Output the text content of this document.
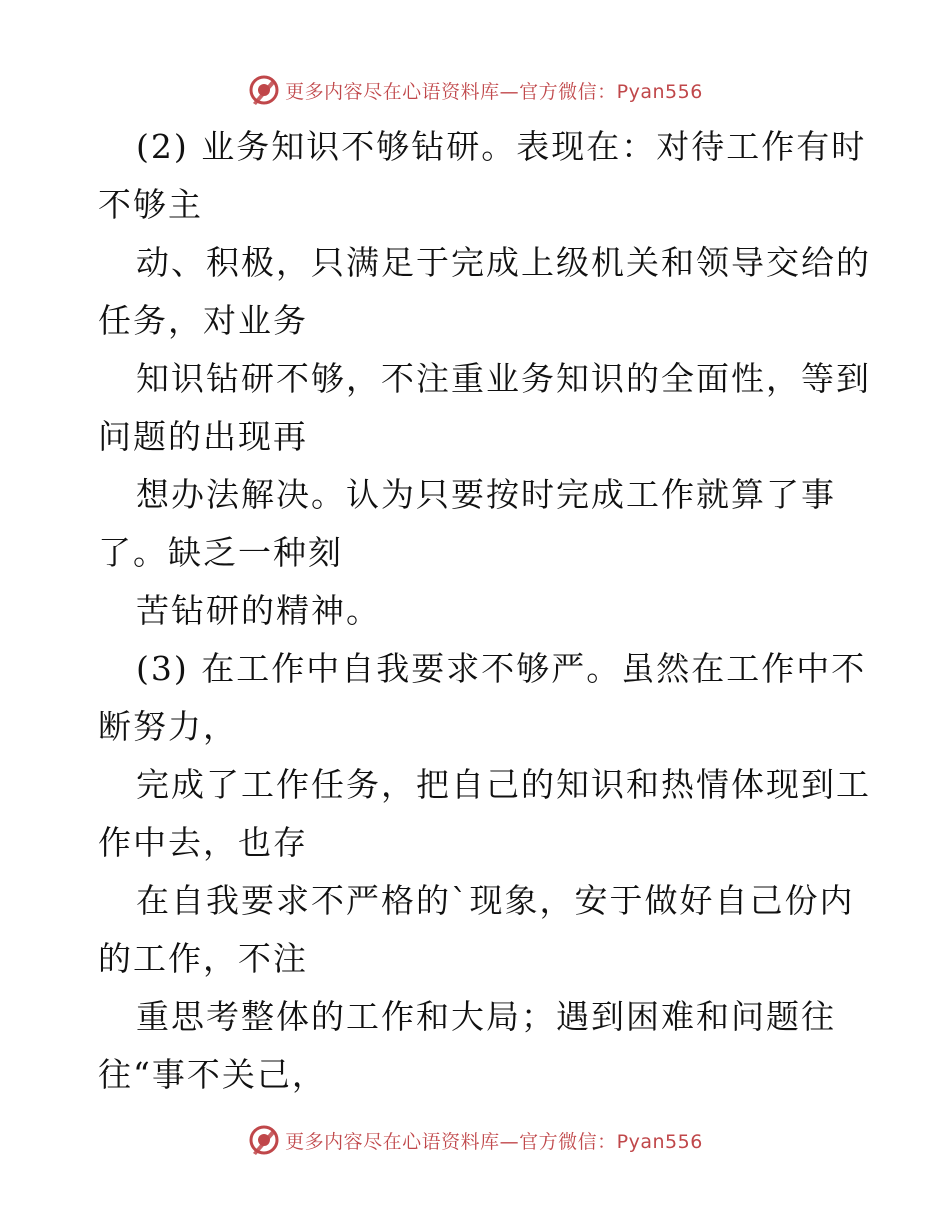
更多内容尽在心语资料库—官方微信：Pyan556
(2) 业务知识不够钻研。表现在：对待工作有时
不够主
动、积极，只满足于完成上级机关和领导交给的
任务，对业务
知识钻研不够，不注重业务知识的全面性，等到
问题的出现再
想办法解决。认为只要按时完成工作就算了事
了。缺乏一种刻
苦钻研的精神。
(3) 在工作中自我要求不够严。虽然在工作中不
断努力，
完成了工作任务，把自己的知识和热情体现到工
作中去，也存
在自我要求不严格的`现象，安于做好自己份内
的工作，不注
重思考整体的工作和大局；遇到困难和问题往
往“事不关己，
更多内容尽在心语资料库—官方微信：Pyan556
